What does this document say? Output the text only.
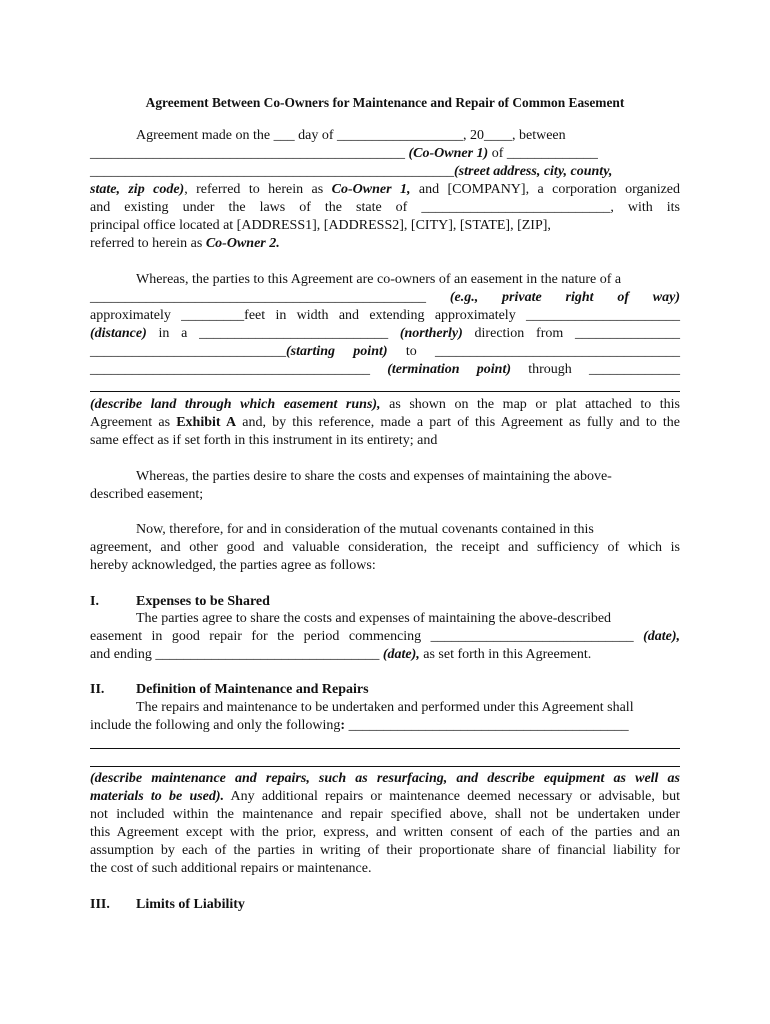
Agreement Between Co-Owners for Maintenance and Repair of Common Easement
Agreement made on the ___ day of __________________, 20____, between
_____________________________________________ (Co-Owner 1) of _____________
____________________________________________________(street address, city, county,
state, zip code), referred to herein as Co-Owner 1, and [COMPANY], a corporation organized
and existing under the laws of the state of ___________________________, with its
principal office located at [ADDRESS1], [ADDRESS2], [CITY], [STATE], [ZIP],
referred to herein as Co-Owner 2.
Whereas, the parties to this Agreement are co-owners of an easement in the nature of a
________________________________________________ (e.g., private right of way)
approximately _________feet in width and extending approximately ______________________
(distance) in a ___________________________ (northerly) direction from _______________
____________________________(starting point) to ___________________________________
________________________________________ (termination point) through _____________
(describe land through which easement runs), as shown on the map or plat attached to this
Agreement as Exhibit A and, by this reference, made a part of this Agreement as fully and to the
same effect as if set forth in this instrument in its entirety; and
Whereas, the parties desire to share the costs and expenses of maintaining the above-
described easement;
Now, therefore, for and in consideration of the mutual covenants contained in this
agreement, and other good and valuable consideration, the receipt and sufficiency of which is
hereby acknowledged, the parties agree as follows:
I.	Expenses to be Shared
The parties agree to share the costs and expenses of maintaining the above-described
easement in good repair for the period commencing _____________________________ (date),
and ending ________________________________ (date), as set forth in this Agreement.
II. Definition of Maintenance and Repairs
The repairs and maintenance to be undertaken and performed under this Agreement shall
include the following and only the following: ________________________________________
(describe maintenance and repairs, such as resurfacing, and describe equipment as well as
materials to be used). Any additional repairs or maintenance deemed necessary or advisable, but
not included within the maintenance and repair specified above, shall not be undertaken under
this Agreement except with the prior, express, and written consent of each of the parties and an
assumption by each of the parties in writing of their proportionate share of financial liability for
the cost of such additional repairs or maintenance.
III. Limits of Liability
